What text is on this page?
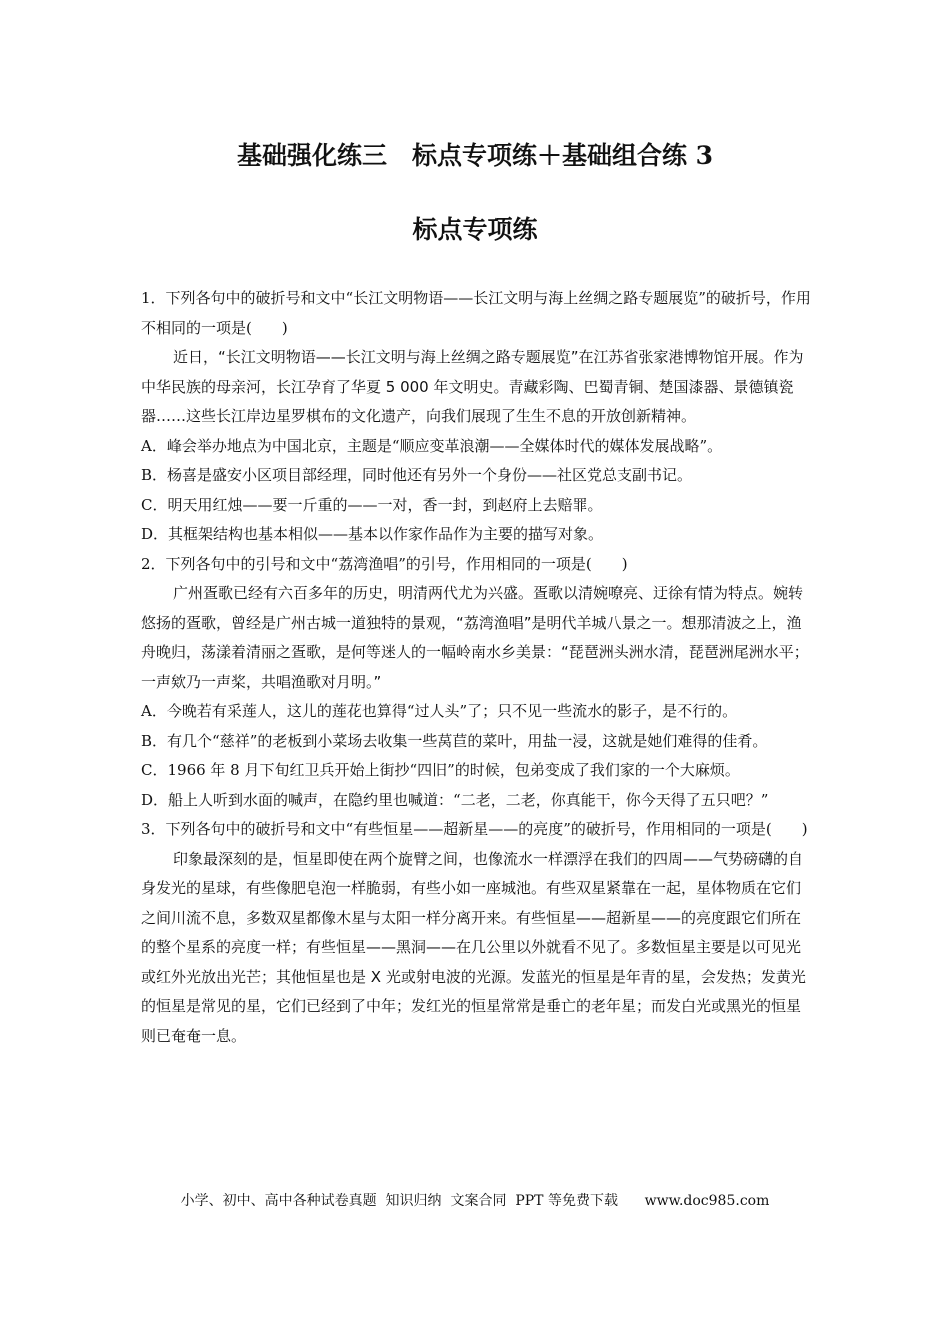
基础强化练三　标点专项练＋基础组合练 3
标点专项练

1．下列各句中的破折号和文中“长江文明物语——长江文明与海上丝绸之路专题展览”的破折号，作用不相同的一项是(　　)

近日，“长江文明物语——长江文明与海上丝绸之路专题展览”在江苏省张家港博物馆开展。作为中华民族的母亲河，长江孕育了华夏 5 000 年文明史。青藏彩陶、巴蜀青铜、楚国漆器、景德镇瓷器……这些长江岸边星罗棋布的文化遗产，向我们展现了生生不息的开放创新精神。

A．峰会举办地点为中国北京，主题是“顺应变革浪潮——全媒体时代的媒体发展战略”。

B．杨喜是盛安小区项目部经理，同时他还有另外一个身份——社区党总支副书记。

C．明天用红烛——要一斤重的——一对，香一封，到赵府上去赔罪。

D．其框架结构也基本相似——基本以作家作品作为主要的描写对象。

2．下列各句中的引号和文中“荔湾渔唱”的引号，作用相同的一项是(　　)

广州疍歌已经有六百多年的历史，明清两代尤为兴盛。疍歌以清婉嘹亮、迂徐有情为特点。婉转悠扬的疍歌，曾经是广州古城一道独特的景观，“荔湾渔唱”是明代羊城八景之一。想那清波之上，渔舟晚归，荡漾着清丽之疍歌，是何等迷人的一幅岭南水乡美景：“琵琶洲头洲水清，琵琶洲尾洲水平；一声欸乃一声桨，共唱渔歌对月明。”

A．今晚若有采莲人，这儿的莲花也算得“过人头”了；只不见一些流水的影子，是不行的。

B．有几个“慈祥”的老板到小菜场去收集一些莴苣的菜叶，用盐一浸，这就是她们难得的佳肴。

C．1966 年 8 月下旬红卫兵开始上街抄“四旧”的时候，包弟变成了我们家的一个大麻烦。

D．船上人听到水面的喊声，在隐约里也喊道：“二老，二老，你真能干，你今天得了五只吧？”

3．下列各句中的破折号和文中“有些恒星——超新星——的亮度”的破折号，作用相同的一项是(　　)

印象最深刻的是，恒星即使在两个旋臂之间，也像流水一样漂浮在我们的四周——气势磅礴的自身发光的星球，有些像肥皂泡一样脆弱，有些小如一座城池。有些双星紧靠在一起，星体物质在它们之间川流不息，多数双星都像木星与太阳一样分离开来。有些恒星——超新星——的亮度跟它们所在的整个星系的亮度一样；有些恒星——黑洞——在几公里以外就看不见了。多数恒星主要是以可见光或红外光放出光芒；其他恒星也是 X 光或射电波的光源。发蓝光的恒星是年青的星，会发热；发黄光的恒星是常见的星，它们已经到了中年；发红光的恒星常常是垂亡的老年星；而发白光或黑光的恒星则已奄奄一息。

小学、初中、高中各种试卷真题  知识归纳  文案合同  PPT 等免费下载 www.doc985.com
